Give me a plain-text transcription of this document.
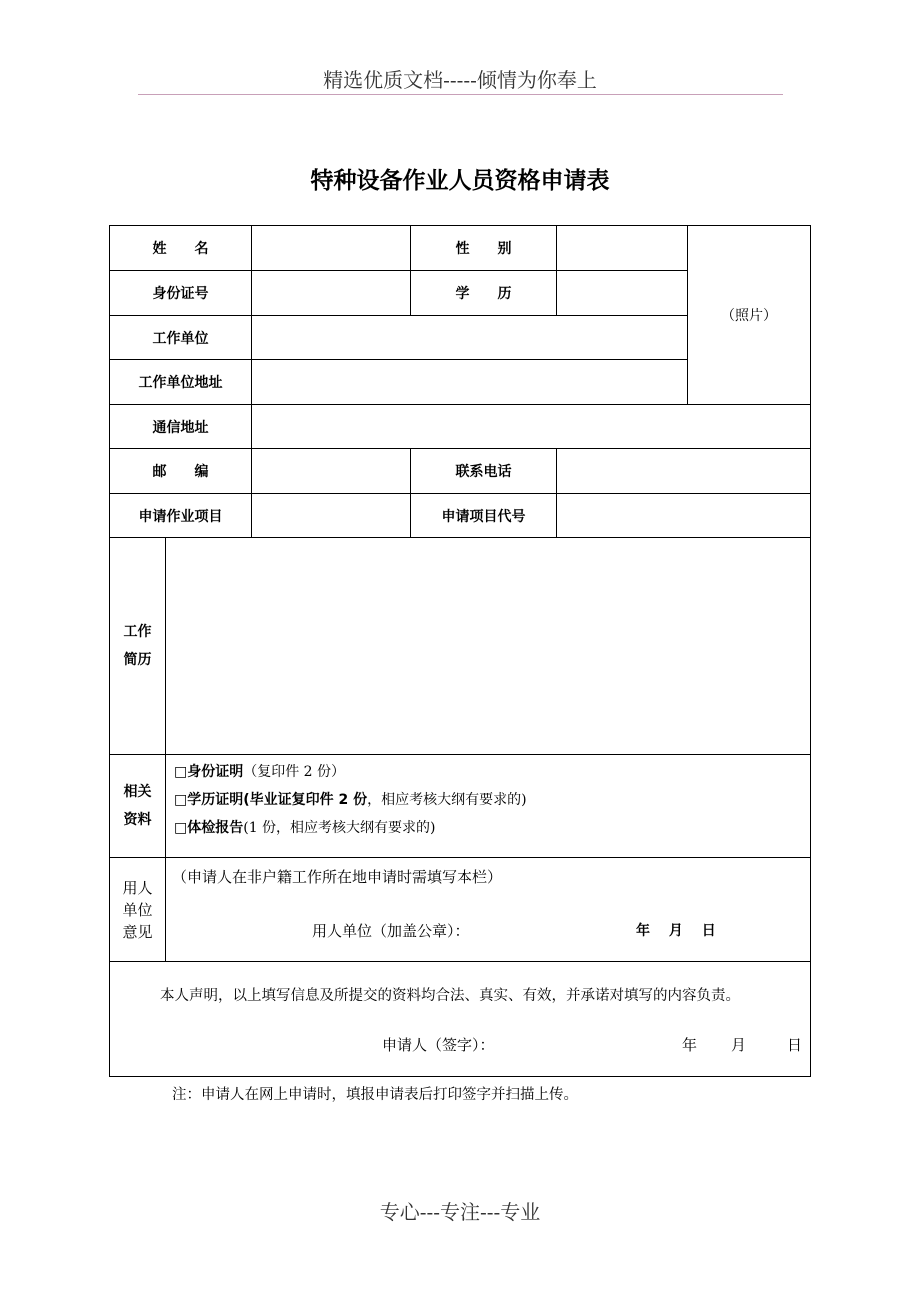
精选优质文档-----倾情为你奉上
特种设备作业人员资格申请表
姓　　名	性　　别
（照片）
身份证号	学　　历
工作单位
工作单位地址
通信地址
邮　　编	联系电话
申请作业项目	申请项目代号
工作
简历
相关
资料
□身份证明（复印件 2 份）
□学历证明(毕业证复印件 2 份，相应考核大纲有要求的)
□体检报告(1 份，相应考核大纲有要求的)
用人
单位
意见
（申请人在非户籍工作所在地申请时需填写本栏）
用人单位（加盖公章）：	年　 月　 日
本人声明，以上填写信息及所提交的资料均合法、真实、有效，并承诺对填写的内容负责。
申请人（签字）：	年 月	日
注：申请人在网上申请时，填报申请表后打印签字并扫描上传。
专心---专注---专业
